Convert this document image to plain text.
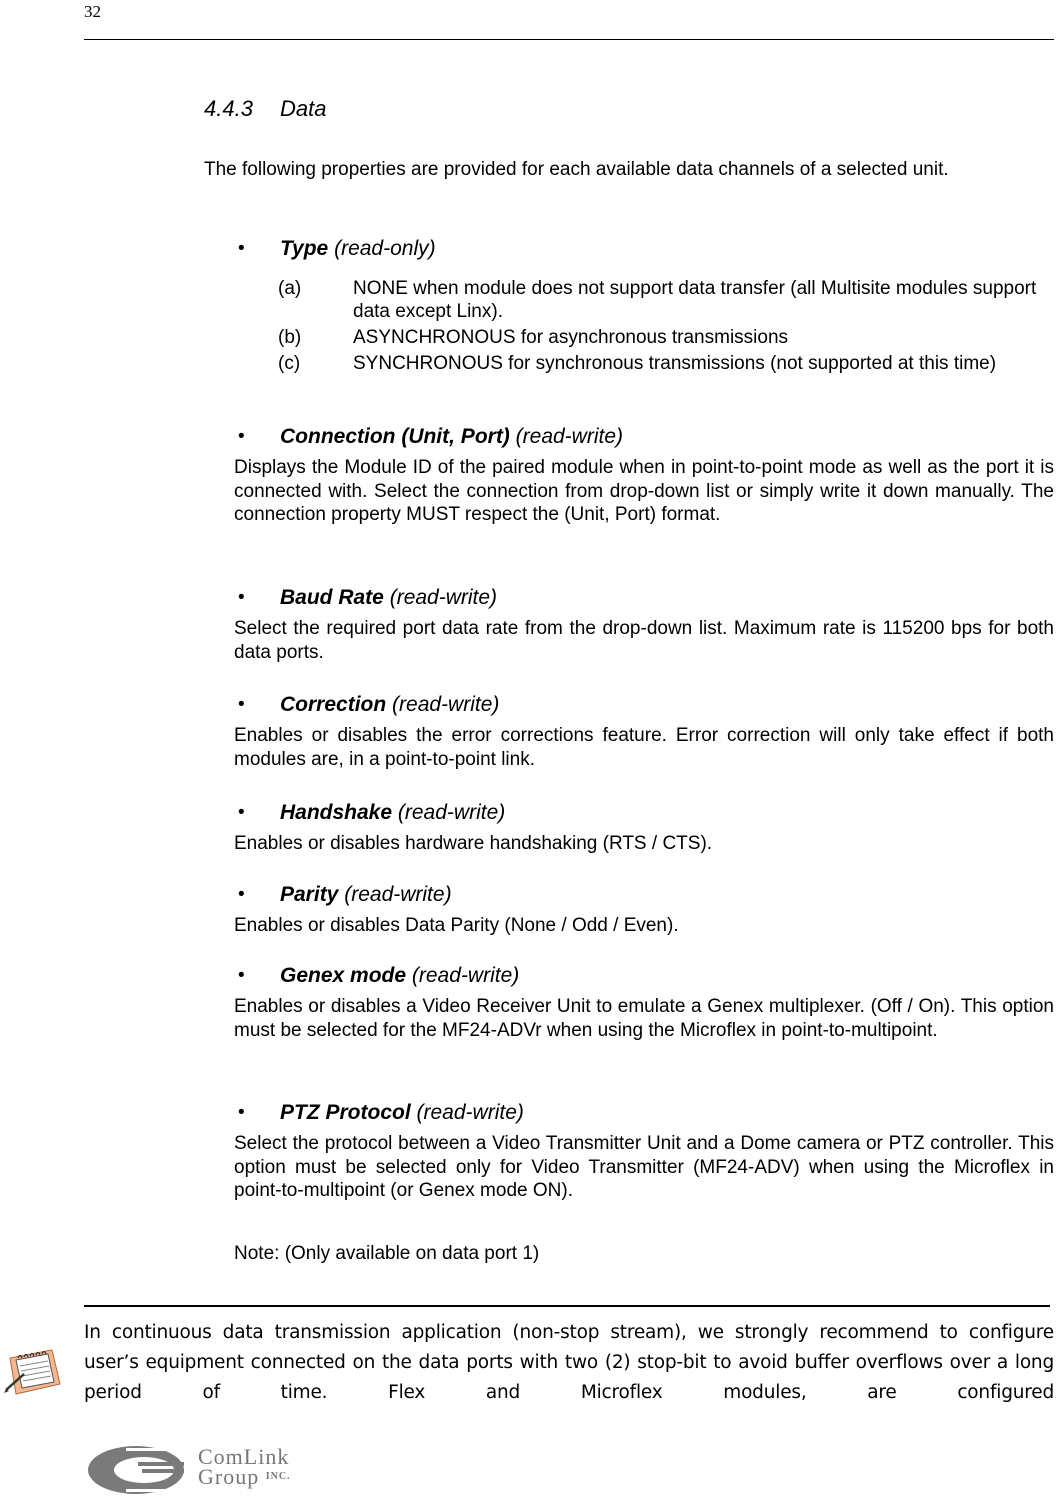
32
4.4.3 Data
The following properties are provided for each available data channels of a selected unit.
• Type (read-only)
(a)	NONE when module does not support data transfer (all Multisite modules support data except Linx).
(b)	ASYNCHRONOUS for asynchronous transmissions
(c)	SYNCHRONOUS for synchronous transmissions (not supported at this time)
• Connection (Unit, Port) (read-write)
Displays the Module ID of the paired module when in point-to-point mode as well as the port it is connected with. Select the connection from drop-down list or simply write it down manually. The connection property MUST respect the (Unit, Port) format.
• Baud Rate (read-write)
Select the required port data rate from the drop-down list. Maximum rate is 115200 bps for both data ports.
• Correction (read-write)
Enables or disables the error corrections feature. Error correction will only take effect if both modules are, in a point-to-point link.
• Handshake (read-write)
Enables or disables hardware handshaking (RTS / CTS).
• Parity (read-write)
Enables or disables Data Parity (None / Odd / Even).
• Genex mode (read-write)
Enables or disables a Video Receiver Unit to emulate a Genex multiplexer. (Off / On). This option must be selected for the MF24-ADVr when using the Microflex in point-to-multipoint.
• PTZ Protocol (read-write)
Select the protocol between a Video Transmitter Unit and a Dome camera or PTZ controller. This option must be selected only for Video Transmitter (MF24-ADV) when using the Microflex in point-to-multipoint (or Genex mode ON).
Note: (Only available on data port 1)
In continuous data transmission application (non-stop stream), we strongly recommend to configure user’s equipment connected on the data ports with two (2) stop-bit to avoid buffer overflows over a long period of time. Flex and Microflex modules, are configured
ComLink
Group $^{INC.}$
